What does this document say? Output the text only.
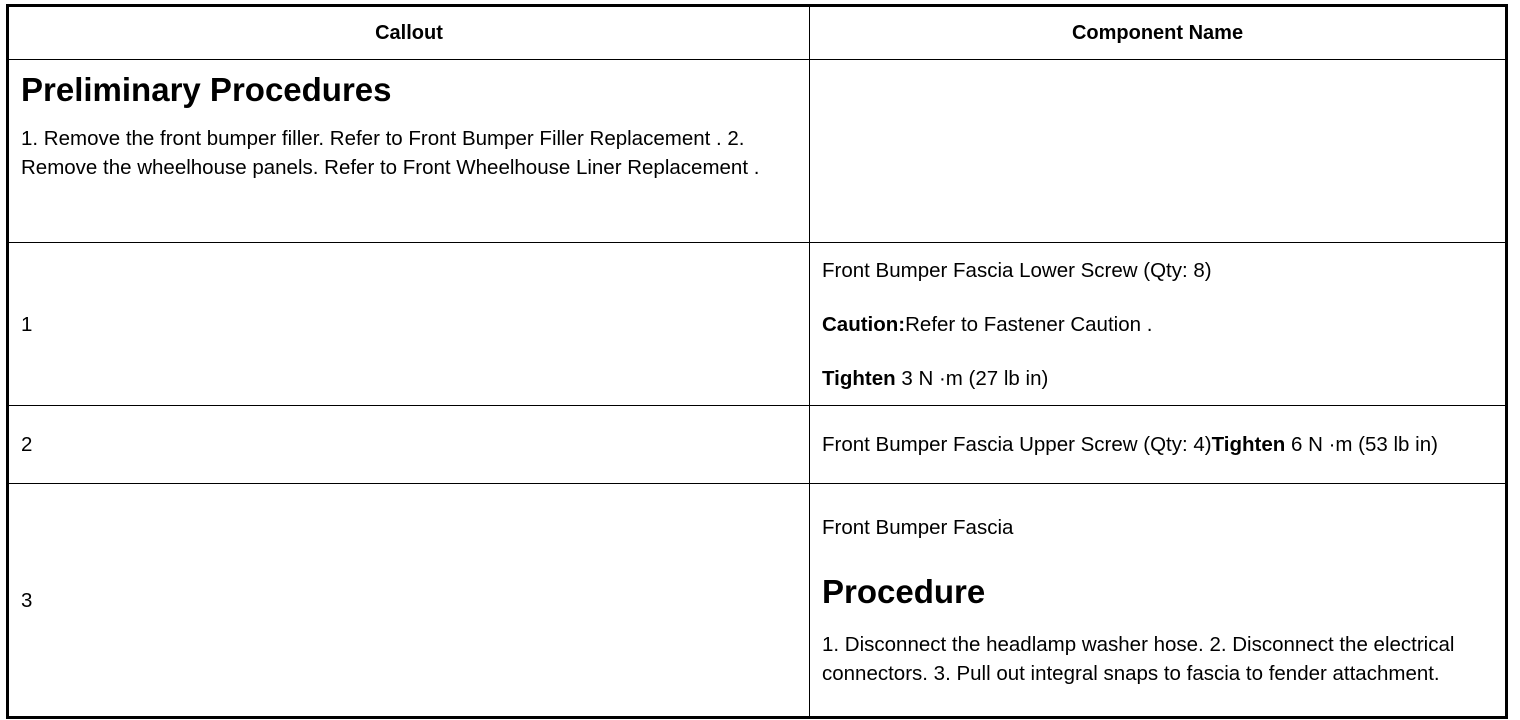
Callout	Component Name

Preliminary Procedures

1. Remove the front bumper filler. Refer to Front Bumper Filler Replacement . 2. Remove the wheelhouse panels. Refer to Front Wheelhouse Liner Replacement .	

1	Front Bumper Fascia Lower Screw (Qty: 8)

Caution:Refer to Fastener Caution .

Tighten 3 N ·m (27 lb in)

2	Front Bumper Fascia Upper Screw (Qty: 4)Tighten 6 N ·m (53 lb in)

3	Front Bumper Fascia

Procedure

1. Disconnect the headlamp washer hose. 2. Disconnect the electrical connectors. 3. Pull out integral snaps to fascia to fender attachment.
